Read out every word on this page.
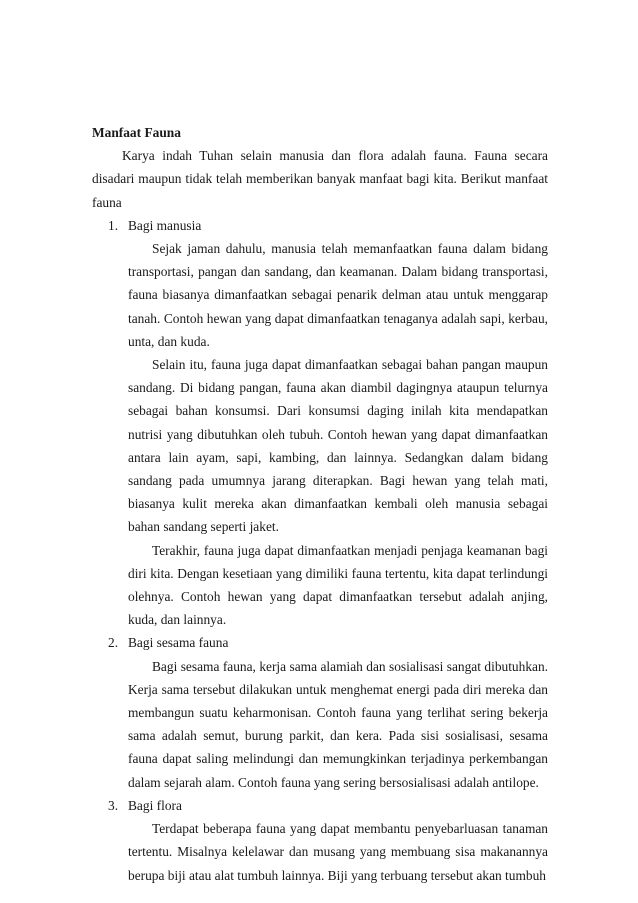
Manfaat Fauna

Karya indah Tuhan selain manusia dan flora adalah fauna. Fauna secara disadari maupun tidak telah memberikan banyak manfaat bagi kita. Berikut manfaat fauna

1. Bagi manusia

Sejak jaman dahulu, manusia telah memanfaatkan fauna dalam bidang transportasi, pangan dan sandang, dan keamanan. Dalam bidang transportasi, fauna biasanya dimanfaatkan sebagai penarik delman atau untuk menggarap tanah. Contoh hewan yang dapat dimanfaatkan tenaganya adalah sapi, kerbau, unta, dan kuda.

Selain itu, fauna juga dapat dimanfaatkan sebagai bahan pangan maupun sandang. Di bidang pangan, fauna akan diambil dagingnya ataupun telurnya sebagai bahan konsumsi. Dari konsumsi daging inilah kita mendapatkan nutrisi yang dibutuhkan oleh tubuh. Contoh hewan yang dapat dimanfaatkan antara lain ayam, sapi, kambing, dan lainnya. Sedangkan dalam bidang sandang pada umumnya jarang diterapkan. Bagi hewan yang telah mati, biasanya kulit mereka akan dimanfaatkan kembali oleh manusia sebagai bahan sandang seperti jaket.

Terakhir, fauna juga dapat dimanfaatkan menjadi penjaga keamanan bagi diri kita. Dengan kesetiaan yang dimiliki fauna tertentu, kita dapat terlindungi olehnya. Contoh hewan yang dapat dimanfaatkan tersebut adalah anjing, kuda, dan lainnya.

2. Bagi sesama fauna

Bagi sesama fauna, kerja sama alamiah dan sosialisasi sangat dibutuhkan. Kerja sama tersebut dilakukan untuk menghemat energi pada diri mereka dan membangun suatu keharmonisan. Contoh fauna yang terlihat sering bekerja sama adalah semut, burung parkit, dan kera. Pada sisi sosialisasi, sesama fauna dapat saling melindungi dan memungkinkan terjadinya perkembangan dalam sejarah alam. Contoh fauna yang sering bersosialisasi adalah antilope.

3. Bagi flora

Terdapat beberapa fauna yang dapat membantu penyebarluasan tanaman tertentu. Misalnya kelelawar dan musang yang membuang sisa makanannya berupa biji atau alat tumbuh lainnya. Biji yang terbuang tersebut akan tumbuh
